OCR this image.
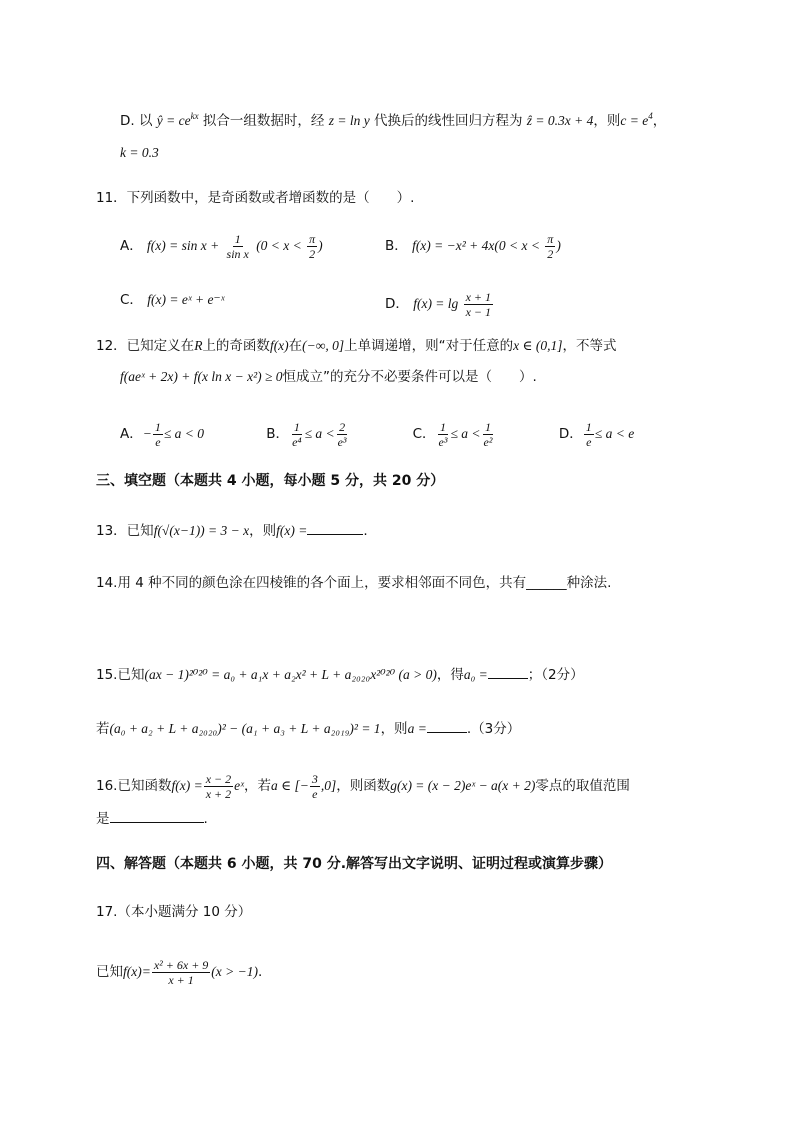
D. 以 ŷ = $ce^{kx}$ 拟合一组数据时，经 z = ln y 代换后的线性回归方程为 ẑ = 0.3x + 4，则$c = e^4$，
k = 0.3
11．下列函数中，是奇函数或者增函数的是（　　）.
A． $f(x) = \sin x + \frac{1}{\text{sin x}} (0 < x < \frac{\pi}{2}$ )	B． $f(x) = -x^2 + 4x(0 < x < \frac{\pi}{2}$ )
C． f(x) = eˣ + e⁻ˣ	D． $f(x) = \lg \frac{x + 1}{x - 1}$
12．已知定义在R上的奇函数f(x)在(−∞, 0]上单调递增，则“对于任意的x ∈ (0,1]，不等式
f(aeˣ + 2x) + f(x ln x − x²) ≥ 0恒成立”的充分不必要条件可以是（　　）.
A．− $\frac{1}{e} \le a < 0$	B． $\frac{1}{\text{e⁴}} \le a < \frac{2}{\text{e³}}$	C． $\frac{1}{\text{e³}} \le a < \frac{1}{\text{e²}}$	D． $\frac{1}{e} \le a < e$
三、填空题（本题共 4 小题，每小题 5 分，共 20 分）
13．已知f(√(x−1)) = 3 − x，则f(x) =	.
14.用 4 种不同的颜色涂在四棱锥的各个面上，要求相邻面不同色，共有______种涂法.
15.已知(ax − 1)²⁰²⁰ = a₀ + a₁x + a₂x² + L + a₂₀₂₀x²⁰²⁰ (a > 0)，得a₀ =	；（2分）
若(a₀ + a₂ + L + a₂₀₂₀)² − (a₁ + a₃ + L + a₂₀₁₉)² = 1，则a =	.（3分）
16.已知函数$f(x) = \frac{x - 2}{x + 2}$ eˣ，若a ∈ [− $\frac{3}{e} ,0$]，则函数g(x) = (x − 2)eˣ − a(x + 2)零点的取值范围
是	.
四、解答题（本题共 6 小题，共 70 分.解答写出文字说明、证明过程或演算步骤）
17.（本小题满分 10 分）
已知$f(x)= \frac{\text{x² + 6x + 9}}{x + 1} (x > -1)$.
